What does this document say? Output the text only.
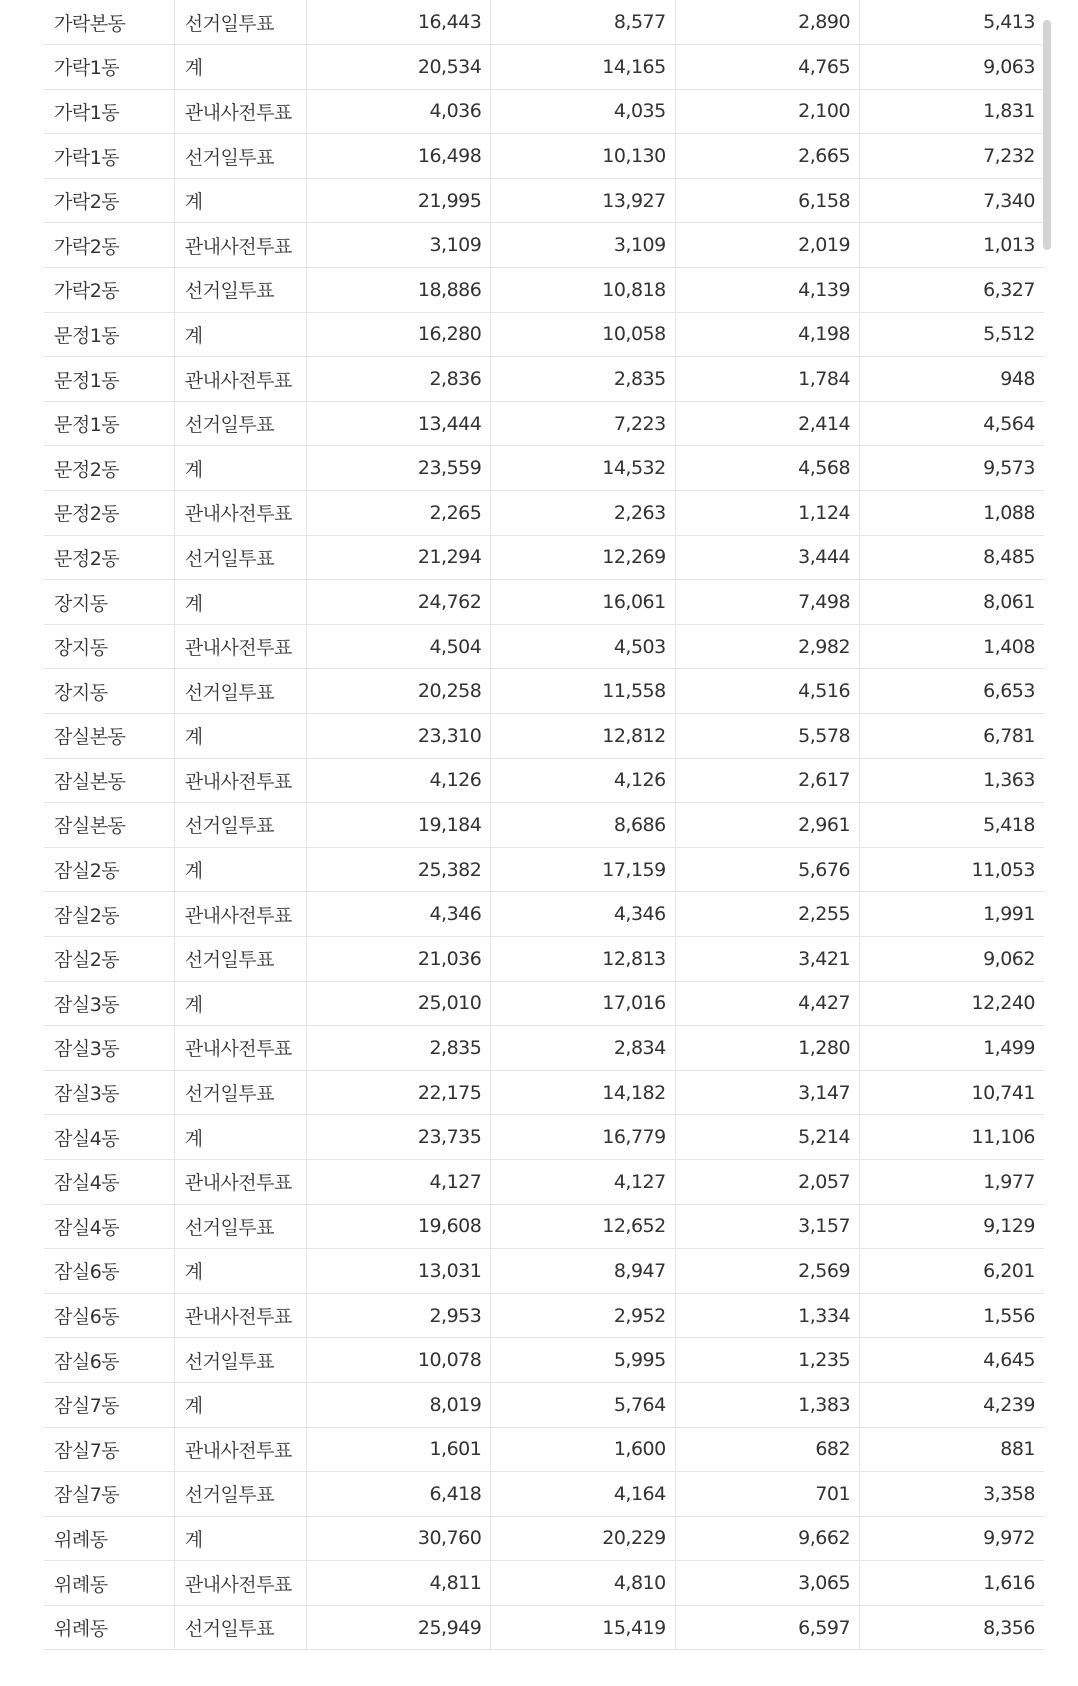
가락본동	선거일투표	16,443	8,577	2,890	5,413
가락1동	계	20,534	14,165	4,765	9,063
가락1동	관내사전투표	4,036	4,035	2,100	1,831
가락1동	선거일투표	16,498	10,130	2,665	7,232
가락2동	계	21,995	13,927	6,158	7,340
가락2동	관내사전투표	3,109	3,109	2,019	1,013
가락2동	선거일투표	18,886	10,818	4,139	6,327
문정1동	계	16,280	10,058	4,198	5,512
문정1동	관내사전투표	2,836	2,835	1,784	948
문정1동	선거일투표	13,444	7,223	2,414	4,564
문정2동	계	23,559	14,532	4,568	9,573
문정2동	관내사전투표	2,265	2,263	1,124	1,088
문정2동	선거일투표	21,294	12,269	3,444	8,485
장지동	계	24,762	16,061	7,498	8,061
장지동	관내사전투표	4,504	4,503	2,982	1,408
장지동	선거일투표	20,258	11,558	4,516	6,653
잠실본동	계	23,310	12,812	5,578	6,781
잠실본동	관내사전투표	4,126	4,126	2,617	1,363
잠실본동	선거일투표	19,184	8,686	2,961	5,418
잠실2동	계	25,382	17,159	5,676	11,053
잠실2동	관내사전투표	4,346	4,346	2,255	1,991
잠실2동	선거일투표	21,036	12,813	3,421	9,062
잠실3동	계	25,010	17,016	4,427	12,240
잠실3동	관내사전투표	2,835	2,834	1,280	1,499
잠실3동	선거일투표	22,175	14,182	3,147	10,741
잠실4동	계	23,735	16,779	5,214	11,106
잠실4동	관내사전투표	4,127	4,127	2,057	1,977
잠실4동	선거일투표	19,608	12,652	3,157	9,129
잠실6동	계	13,031	8,947	2,569	6,201
잠실6동	관내사전투표	2,953	2,952	1,334	1,556
잠실6동	선거일투표	10,078	5,995	1,235	4,645
잠실7동	계	8,019	5,764	1,383	4,239
잠실7동	관내사전투표	1,601	1,600	682	881
잠실7동	선거일투표	6,418	4,164	701	3,358
위례동	계	30,760	20,229	9,662	9,972
위례동	관내사전투표	4,811	4,810	3,065	1,616
위례동	선거일투표	25,949	15,419	6,597	8,356
